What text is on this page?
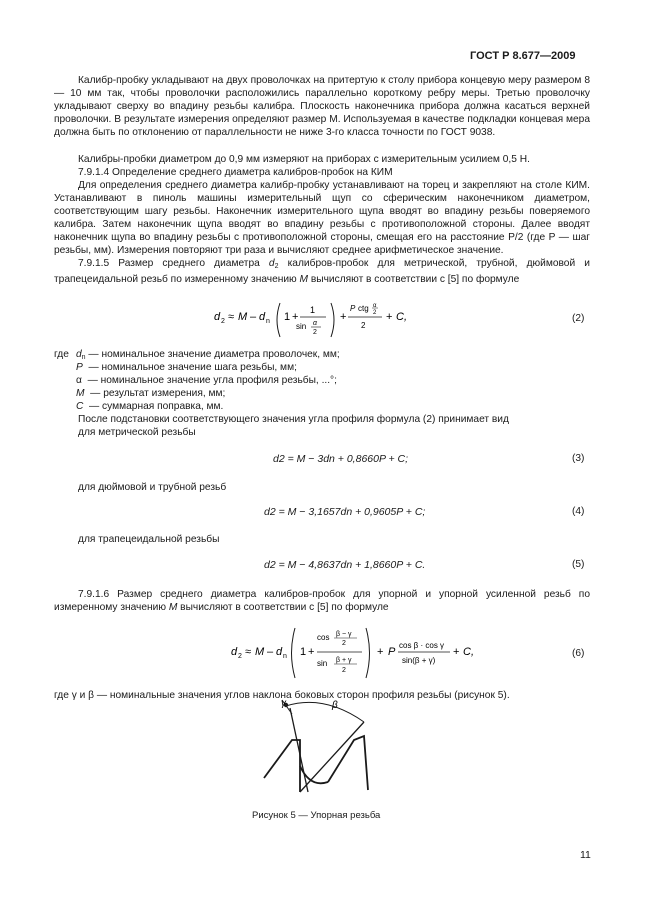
ГОСТ Р 8.677—2009

Калибр-пробку укладывают на двух проволочках на притертую к столу прибора концевую меру размером 8 — 10 мм так, чтобы проволочки расположились параллельно короткому ребру меры. Третью проволочку укладывают сверху во впадину резьбы калибра. Плоскость наконечника прибора должна касаться верхней проволочки. В результате измерения определяют размер M. Используемая в качестве подкладки концевая мера должна быть по отклонению от параллельности не ниже 3-го класса точности по ГОСТ 9038.

Калибры-пробки диаметром до 0,9 мм измеряют на приборах с измерительным усилием 0,5 Н.
7.9.1.4 Определение среднего диаметра калибров-пробок на КИМ

Для определения среднего диаметра калибр-пробку устанавливают на торец и закрепляют на столе КИМ. Устанавливают в пиноль машины измерительный щуп со сферическим наконечником диаметром, соответствующим шагу резьбы. Наконечник измерительного щупа вводят во впадину резьбы поверяемого калибра. Затем наконечник щупа вводят во впадину резьбы с противоположной стороны. Далее вводят наконечник щупа во впадину резьбы с противоположной стороны, смещая его на расстояние P/2 (где P — шаг резьбы, мм). Измерения повторяют три раза и вычисляют среднее арифметическое значение.

7.9.1.5 Размер среднего диаметра $d_2$ калибров-пробок для метрической, трубной, дюймовой и трапецеидальной резьб по измеренному значению M вычисляют в соответствии с [5] по формуле

d 2 ≈ M – d n 1 +
1
sin α
2
+
P ctg α
2
2
+ C,	(2)
где $d_n$ — номинальное значение диаметра проволочек, мм;
P — номинальное значение шага резьбы, мм;
α — номинальное значение угла профиля резьбы, ...°;
M — результат измерения, мм;
C — суммарная поправка, мм.
После подстановки соответствующего значения угла профиля формула (2) принимает вид
для метрической резьбы
d2 = M − 3dn + 0,8660P + C;	(3)
для дюймовой и трубной резьб
d2 = M − 3,1657dn + 0,9605P + C;	(4)
для трапецеидальной резьбы
d2 = M − 4,8637dn + 1,8660P + C.	(5)

7.9.1.6 Размер среднего диаметра калибров-пробок для упорной и упорной усиленной резьб по измеренному значению M вычисляют в соответствии с [5] по формуле

d 2 ≈ M – d n 1 +
cos β − γ
2
sin β + γ
2
+ P
cos β · cos γ
sin(β + γ)
+ C,	(6)
где γ и β — номинальные значения углов наклона боковых сторон профиля резьбы (рисунок 5).
γ	β
Рисунок 5 — Упорная резьба
11
